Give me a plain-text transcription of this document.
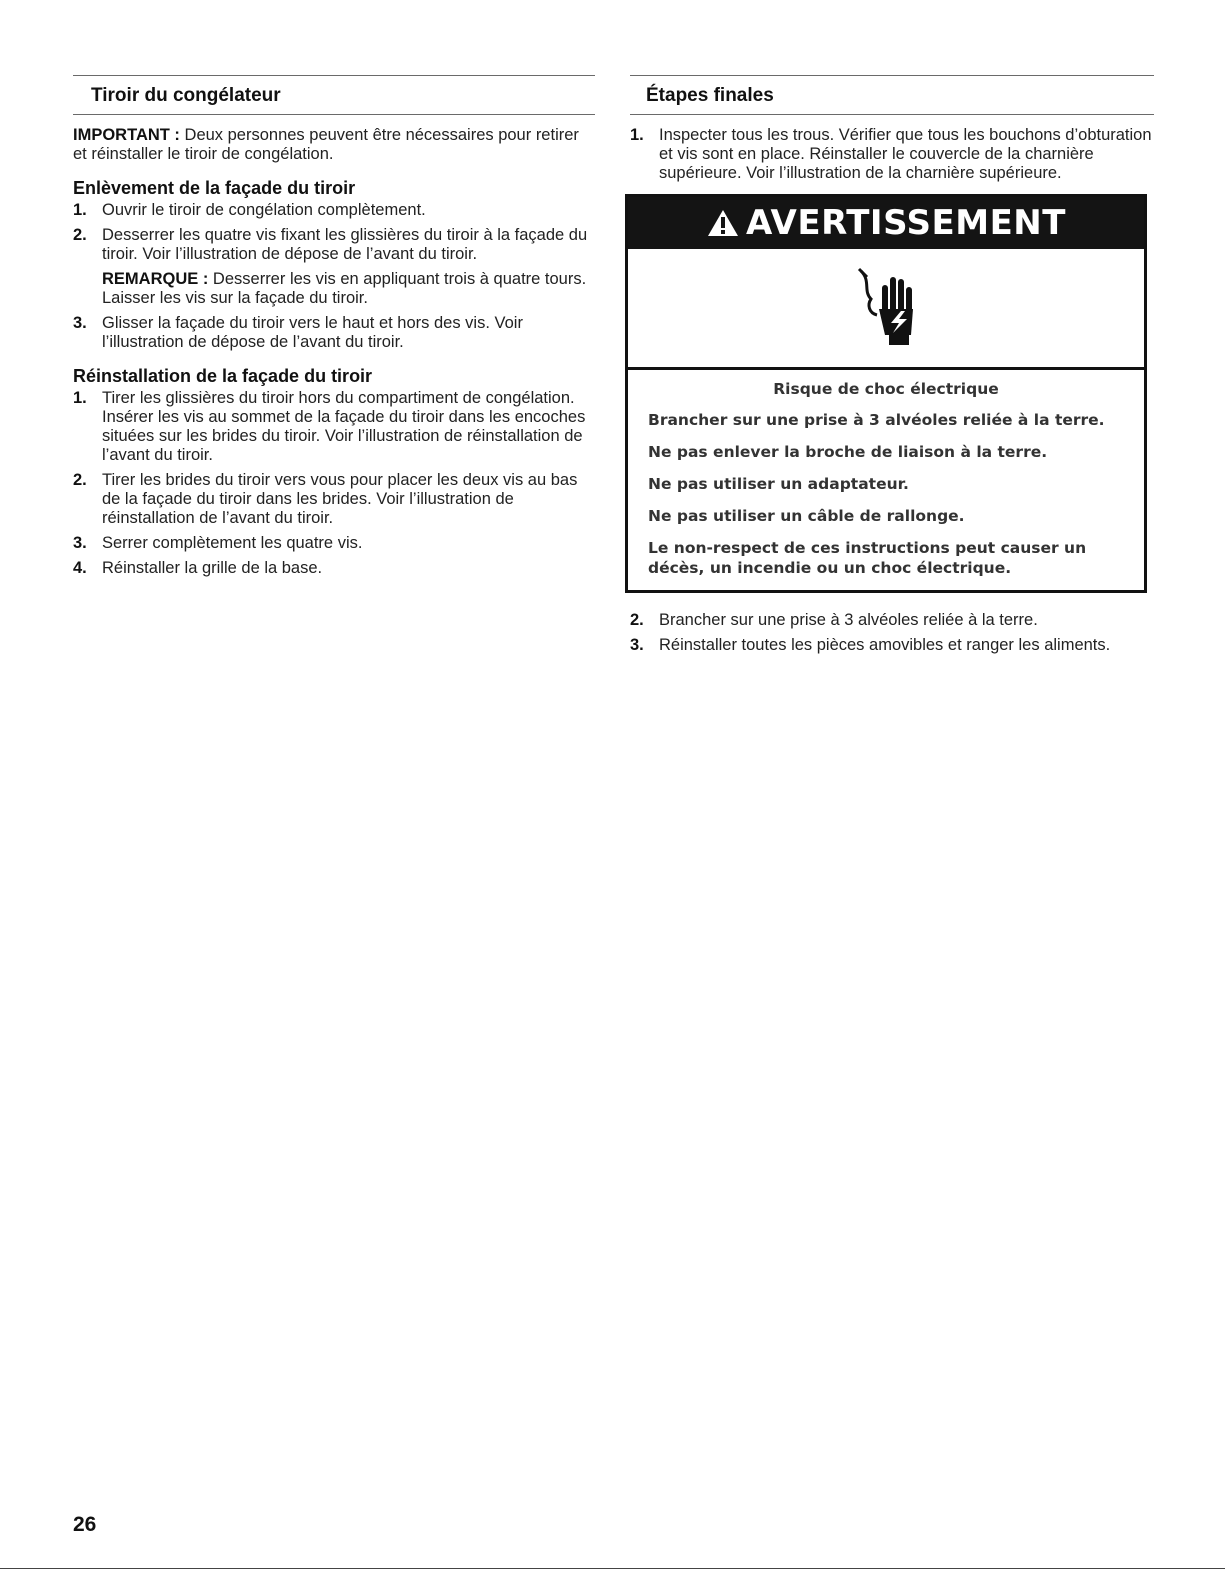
Tiroir du congélateur

IMPORTANT : Deux personnes peuvent être nécessaires pour retirer et réinstaller le tiroir de congélation.

Enlèvement de la façade du tiroir
1. Ouvrir le tiroir de congélation complètement.
2. Desserrer les quatre vis fixant les glissières du tiroir à la façade du tiroir. Voir l’illustration de dépose de l’avant du tiroir.

REMARQUE : Desserrer les vis en appliquant trois à quatre tours. Laisser les vis sur la façade du tiroir.

3. Glisser la façade du tiroir vers le haut et hors des vis. Voir l’illustration de dépose de l’avant du tiroir.
Réinstallation de la façade du tiroir
1. Tirer les glissières du tiroir hors du compartiment de congélation. Insérer les vis au sommet de la façade du tiroir dans les encoches situées sur les brides du tiroir. Voir l’illustration de réinstallation de l’avant du tiroir.
2. Tirer les brides du tiroir vers vous pour placer les deux vis au bas de la façade du tiroir dans les brides. Voir l’illustration de réinstallation de l’avant du tiroir.
3. Serrer complètement les quatre vis.
4. Réinstaller la grille de la base.
Étapes finales
1. Inspecter tous les trous. Vérifier que tous les bouchons d’obturation et vis sont en place. Réinstaller le couvercle de la charnière supérieure. Voir l’illustration de la charnière supérieure.
AVERTISSEMENT
Risque de choc électrique
Brancher sur une prise à 3 alvéoles reliée à la terre.
Ne pas enlever la broche de liaison à la terre.
Ne pas utiliser un adaptateur.
Ne pas utiliser un câble de rallonge.
Le non-respect de ces instructions peut causer un décès, un incendie ou un choc électrique.
2. Brancher sur une prise à 3 alvéoles reliée à la terre.
3. Réinstaller toutes les pièces amovibles et ranger les aliments.
26
